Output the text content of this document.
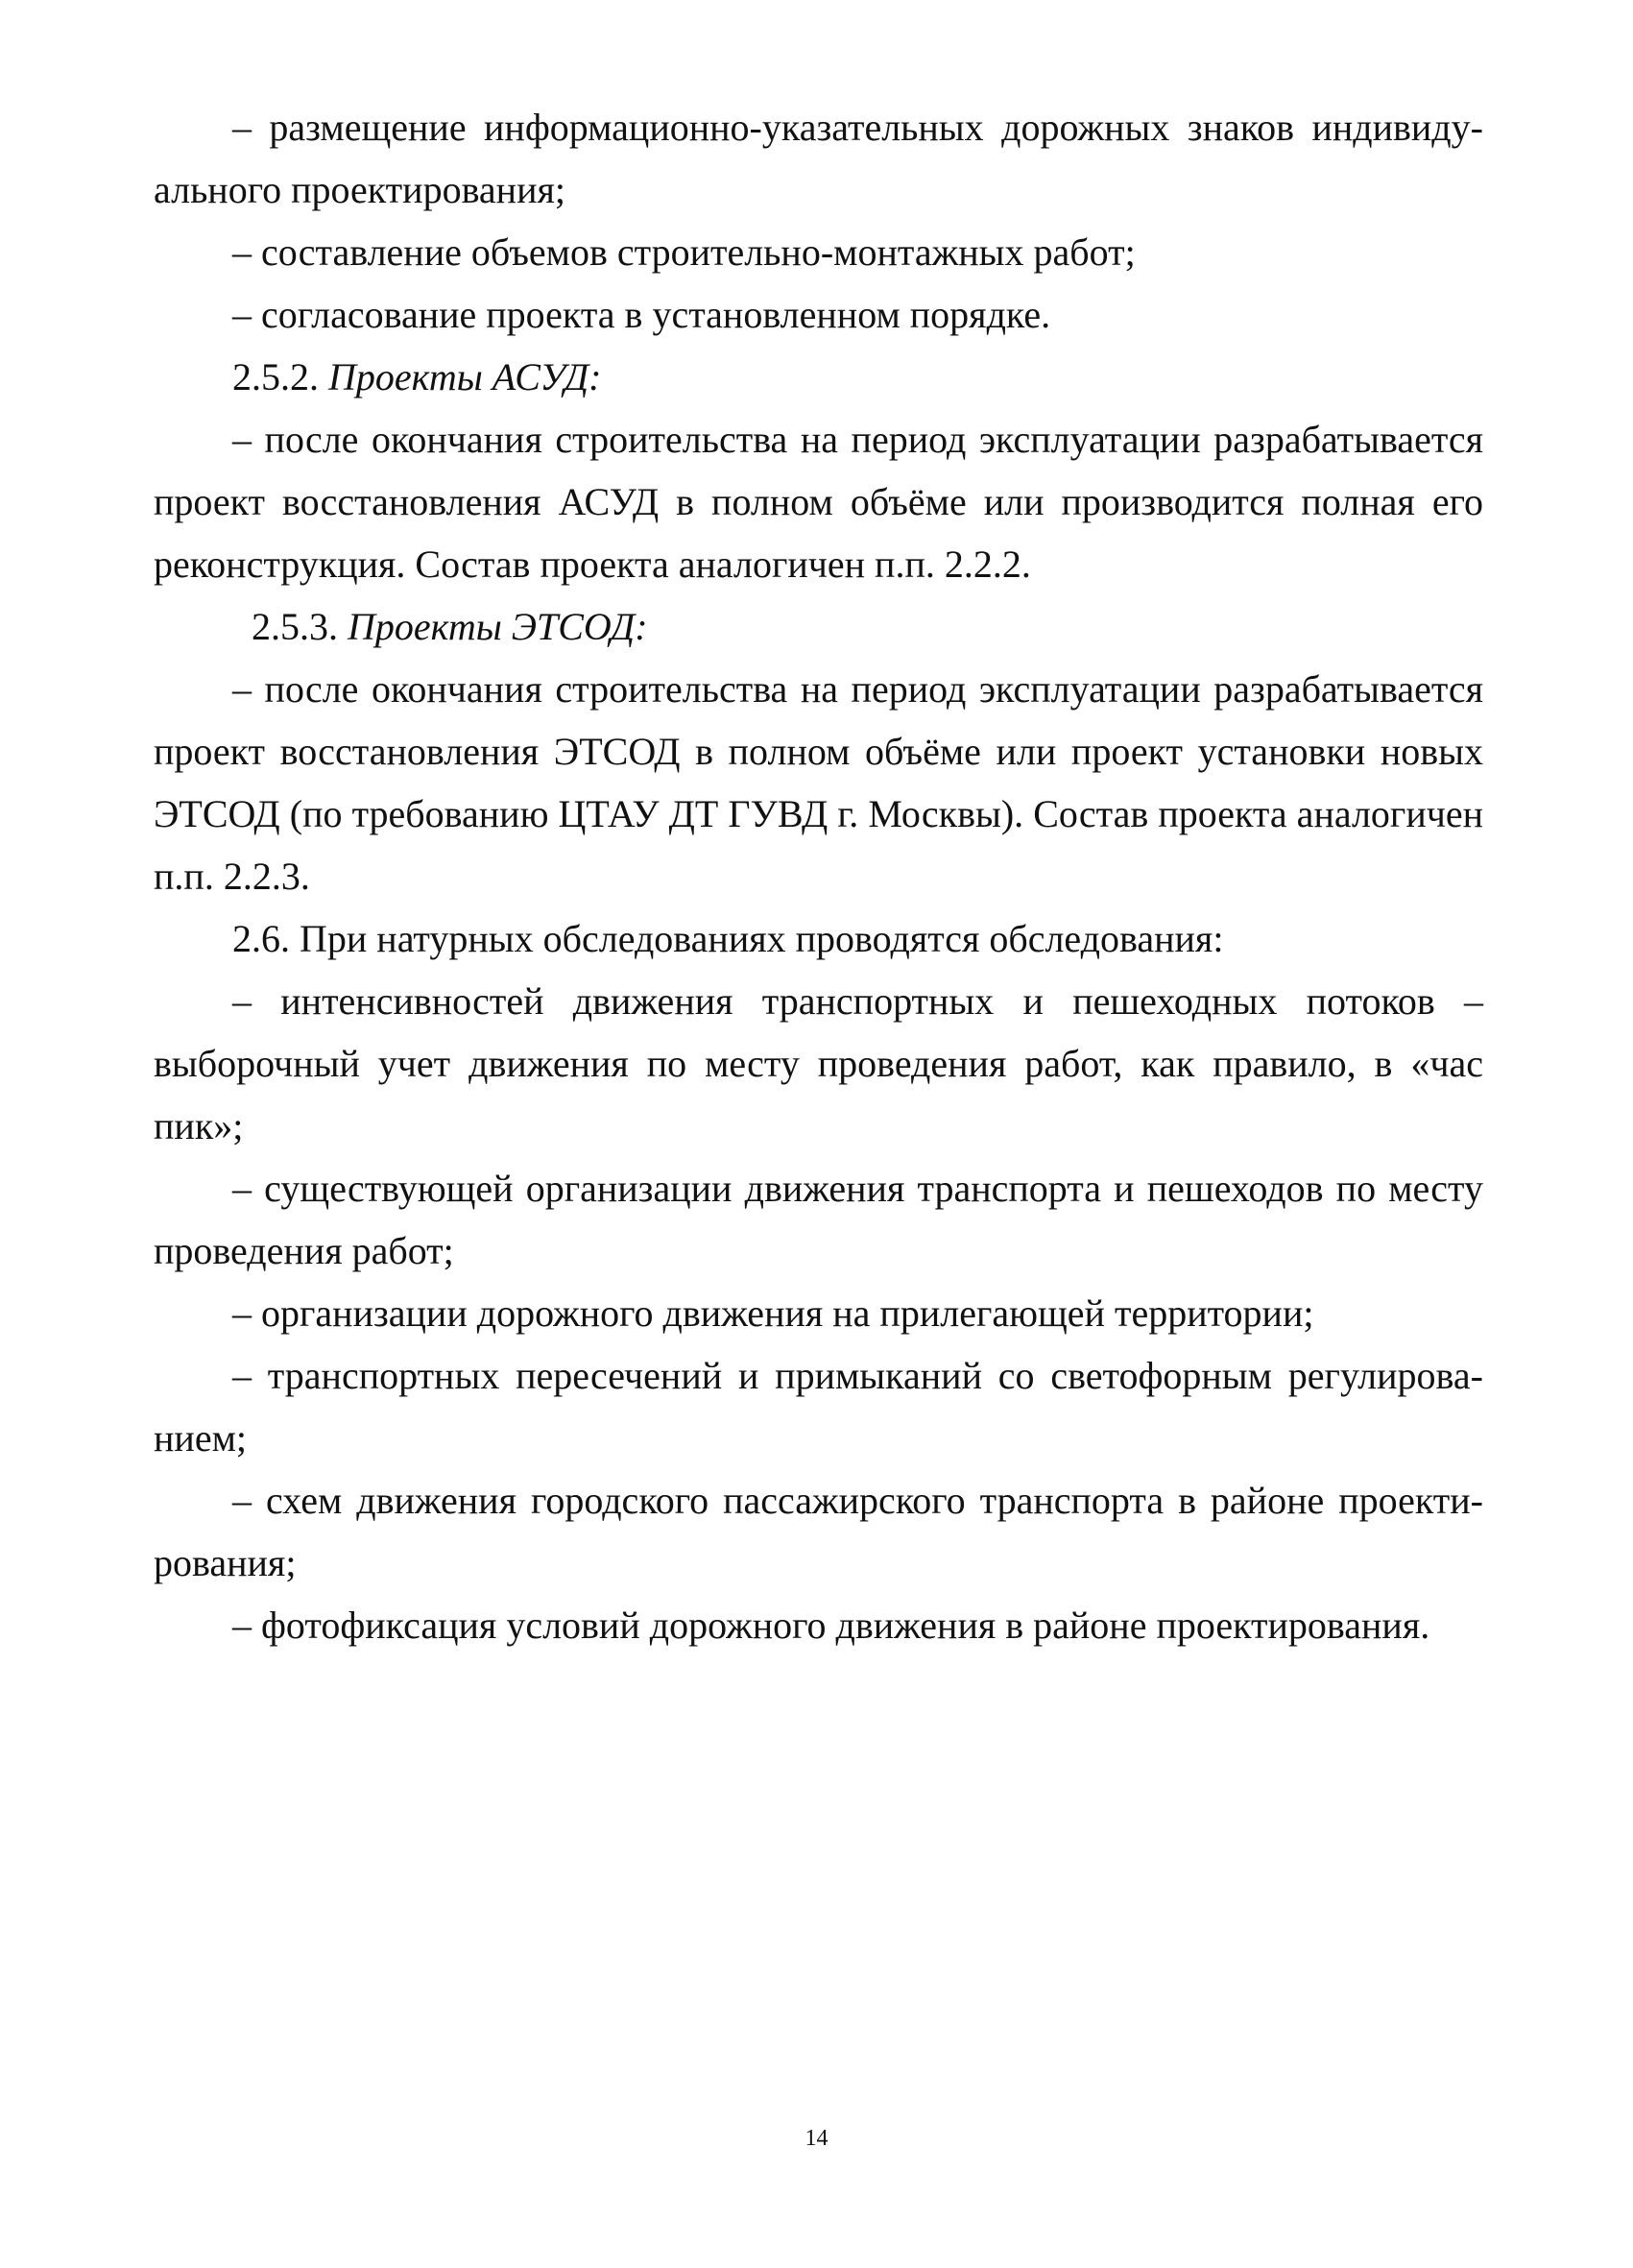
– размещение информационно-указательных дорожных знаков индивидуального проектирования;

– составление объемов строительно-монтажных работ;

– согласование проекта в установленном порядке.

2.5.2. Проекты АСУД:

– после окончания строительства на период эксплуатации разрабатывается проект восстановления АСУД в полном объёме или производится полная его реконструкция. Состав проекта аналогичен п.п. 2.2.2.

2.5.3. Проекты ЭТСОД:

– после окончания строительства на период эксплуатации разрабатывается проект восстановления ЭТСОД в полном объёме или проект установки новых ЭТСОД (по требованию ЦТАУ ДТ ГУВД г. Москвы). Состав проекта аналогичен п.п. 2.2.3.

2.6. При натурных обследованиях проводятся обследования:

– интенсивностей движения транспортных и пешеходных потоков – выборочный учет движения по месту проведения работ, как правило, в «час пик»;

– существующей организации движения транспорта и пешеходов по месту проведения работ;

– организации дорожного движения на прилегающей территории;

– транспортных пересечений и примыканий со светофорным регулированием;

– схем движения городского пассажирского транспорта в районе проектирования;

– фотофиксация условий дорожного движения в районе проектирования.

14
